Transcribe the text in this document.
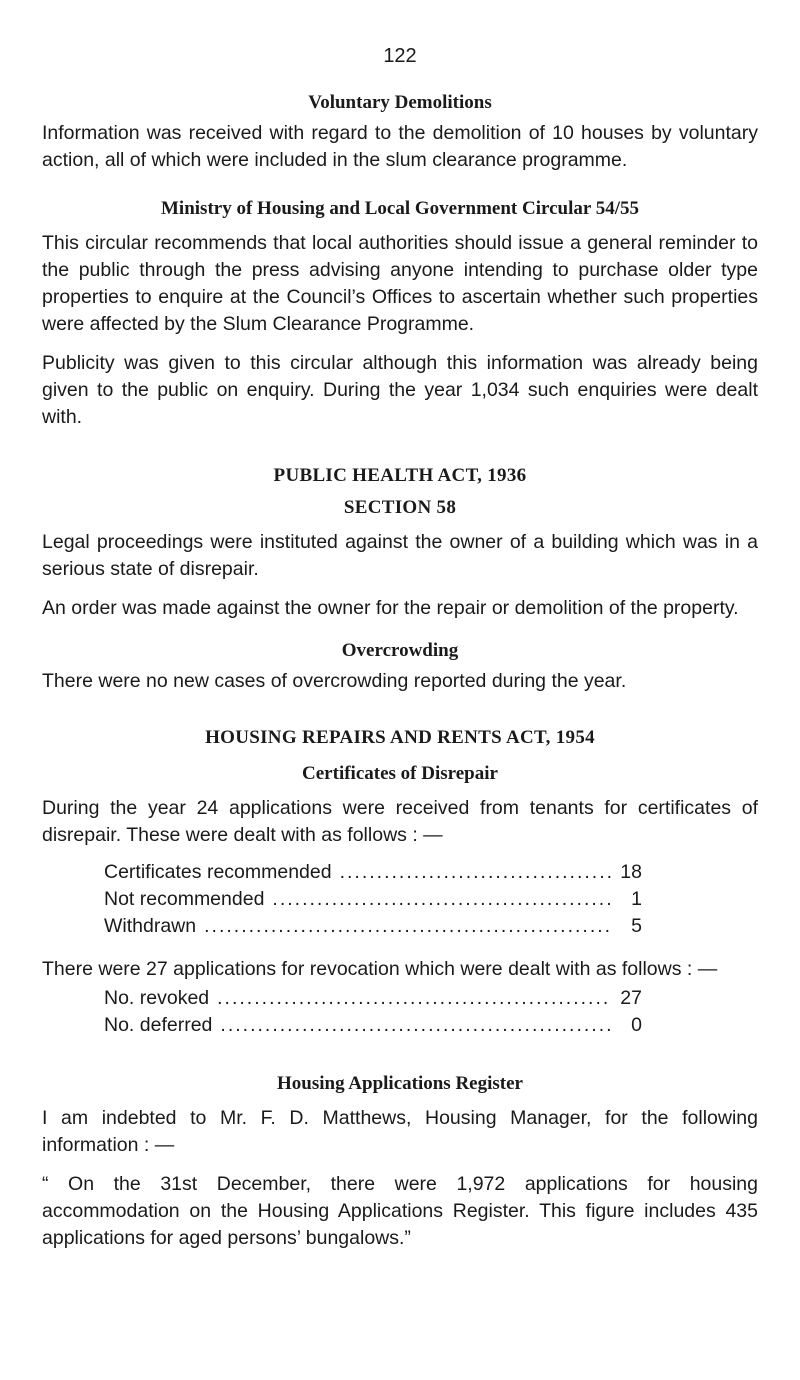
122
Voluntary Demolitions

Information was received with regard to the demolition of 10 houses by voluntary action, all of which were included in the slum clearance programme.

Ministry of Housing and Local Government Circular 54/55

This circular recommends that local authorities should issue a general reminder to the public through the press advising anyone intending to purchase older type properties to enquire at the Council’s Offices to ascertain whether such properties were affected by the Slum Clearance Programme.

Publicity was given to this circular although this information was already being given to the public on enquiry. During the year 1,034 such enquiries were dealt with.

PUBLIC HEALTH ACT, 1936
SECTION 58

Legal proceedings were instituted against the owner of a building which was in a serious state of disrepair.

An order was made against the owner for the repair or demolition of the property.

Overcrowding

There were no new cases of overcrowding reported during the year.

HOUSING REPAIRS AND RENTS ACT, 1954
Certificates of Disrepair

During the year 24 applications were received from tenants for certificates of disrepair. These were dealt with as follows : —

Certificates recommended .....	18
Not recommended .....	1
Withdrawn .....	5

There were 27 applications for revocation which were dealt with as follows : —

No. revoked .....	27
No. deferred .....	0
Housing Applications Register

I am indebted to Mr. F. D. Matthews, Housing Manager, for the following information : —

“ On the 31st December, there were 1,972 applications for housing accommodation on the Housing Applications Register. This figure includes 435 applications for aged persons’ bungalows.”
